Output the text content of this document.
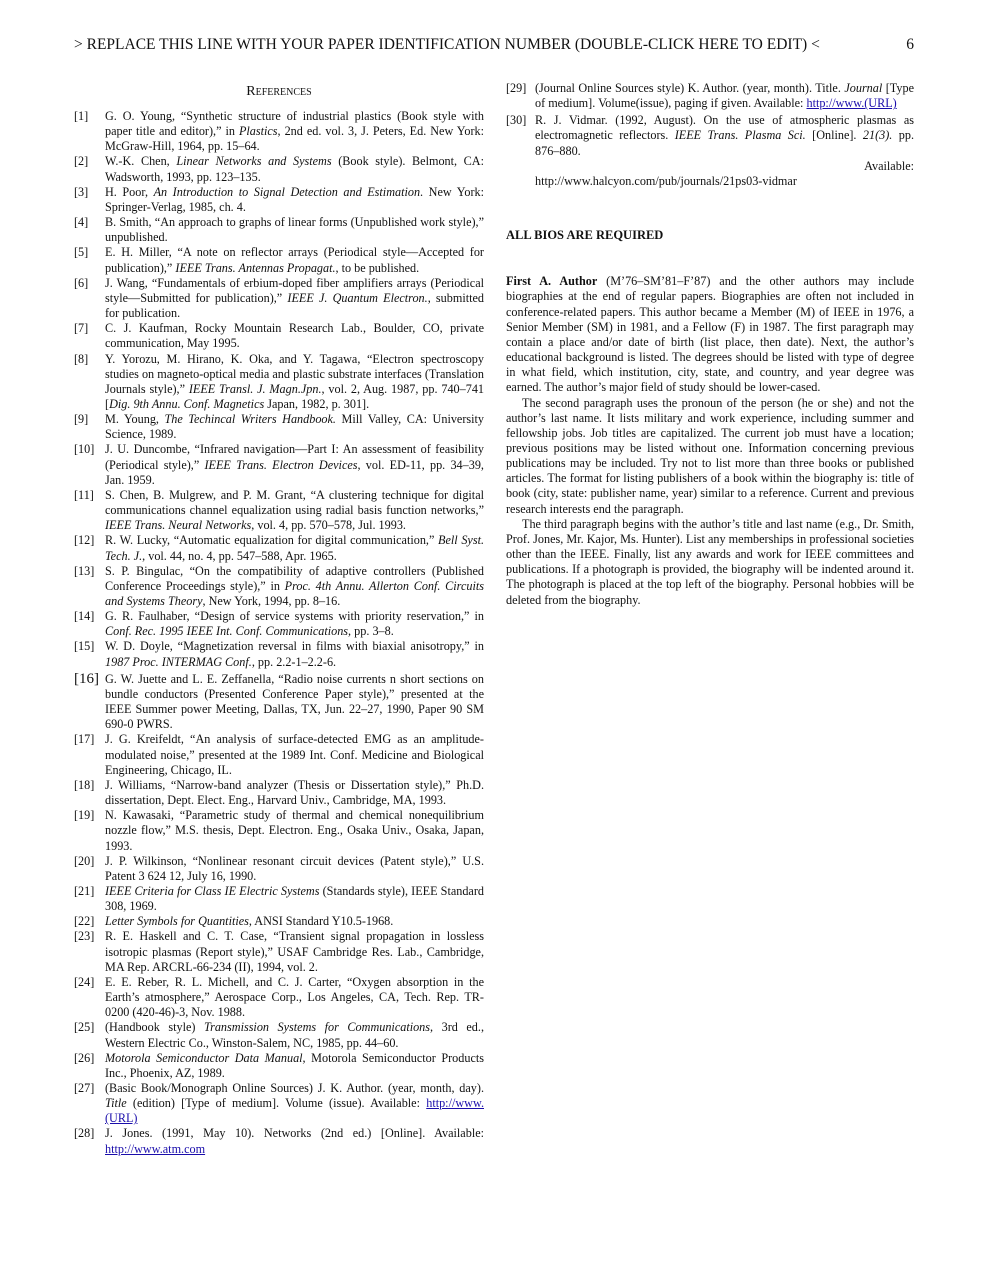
> REPLACE THIS LINE WITH YOUR PAPER IDENTIFICATION NUMBER (DOUBLE-CLICK HERE TO EDIT) <	6
References
[1] G. O. Young, “Synthetic structure of industrial plastics (Book style with paper title and editor),” in Plastics, 2nd ed. vol. 3, J. Peters, Ed. New York: McGraw-Hill, 1964, pp. 15–64.
[2] W.-K. Chen, Linear Networks and Systems (Book style). Belmont, CA: Wadsworth, 1993, pp. 123–135.
[3] H. Poor, An Introduction to Signal Detection and Estimation. New York: Springer-Verlag, 1985, ch. 4.
[4] B. Smith, “An approach to graphs of linear forms (Unpublished work style),” unpublished.
[5] E. H. Miller, “A note on reflector arrays (Periodical style—Accepted for publication),” IEEE Trans. Antennas Propagat., to be published.
[6] J. Wang, “Fundamentals of erbium-doped fiber amplifiers arrays (Periodical style—Submitted for publication),” IEEE J. Quantum Electron., submitted for publication.
[7] C. J. Kaufman, Rocky Mountain Research Lab., Boulder, CO, private communication, May 1995.
[8] Y. Yorozu, M. Hirano, K. Oka, and Y. Tagawa, “Electron spectroscopy studies on magneto-optical media and plastic substrate interfaces (Translation Journals style),” IEEE Transl. J. Magn.Jpn., vol. 2, Aug. 1987, pp. 740–741 [Dig. 9th Annu. Conf. Magnetics Japan, 1982, p. 301].
[9] M. Young, The Techincal Writers Handbook. Mill Valley, CA: University Science, 1989.
[10] J. U. Duncombe, “Infrared navigation—Part I: An assessment of feasibility (Periodical style),” IEEE Trans. Electron Devices, vol. ED-11, pp. 34–39, Jan. 1959.
[11] S. Chen, B. Mulgrew, and P. M. Grant, “A clustering technique for digital communications channel equalization using radial basis function networks,” IEEE Trans. Neural Networks, vol. 4, pp. 570–578, Jul. 1993.
[12] R. W. Lucky, “Automatic equalization for digital communication,” Bell Syst. Tech. J., vol. 44, no. 4, pp. 547–588, Apr. 1965.
[13] S. P. Bingulac, “On the compatibility of adaptive controllers (Published Conference Proceedings style),” in Proc. 4th Annu. Allerton Conf. Circuits and Systems Theory, New York, 1994, pp. 8–16.
[14] G. R. Faulhaber, “Design of service systems with priority reservation,” in Conf. Rec. 1995 IEEE Int. Conf. Communications, pp. 3–8.
[15] W. D. Doyle, “Magnetization reversal in films with biaxial anisotropy,” in 1987 Proc. INTERMAG Conf., pp. 2.2-1–2.2-6.
[16] G. W. Juette and L. E. Zeffanella, “Radio noise currents n short sections on bundle conductors (Presented Conference Paper style),” presented at the IEEE Summer power Meeting, Dallas, TX, Jun. 22–27, 1990, Paper 90 SM 690-0 PWRS.
[17] J. G. Kreifeldt, “An analysis of surface-detected EMG as an amplitude-modulated noise,” presented at the 1989 Int. Conf. Medicine and Biological Engineering, Chicago, IL.
[18] J. Williams, “Narrow-band analyzer (Thesis or Dissertation style),” Ph.D. dissertation, Dept. Elect. Eng., Harvard Univ., Cambridge, MA, 1993.
[19] N. Kawasaki, “Parametric study of thermal and chemical nonequilibrium nozzle flow,” M.S. thesis, Dept. Electron. Eng., Osaka Univ., Osaka, Japan, 1993.
[20] J. P. Wilkinson, “Nonlinear resonant circuit devices (Patent style),” U.S. Patent 3 624 12, July 16, 1990.
[21] IEEE Criteria for Class IE Electric Systems (Standards style), IEEE Standard 308, 1969.
[22] Letter Symbols for Quantities, ANSI Standard Y10.5-1968.
[23] R. E. Haskell and C. T. Case, “Transient signal propagation in lossless isotropic plasmas (Report style),” USAF Cambridge Res. Lab., Cambridge, MA Rep. ARCRL-66-234 (II), 1994, vol. 2.
[24] E. E. Reber, R. L. Michell, and C. J. Carter, “Oxygen absorption in the Earth’s atmosphere,” Aerospace Corp., Los Angeles, CA, Tech. Rep. TR-0200 (420-46)-3, Nov. 1988.
[25] (Handbook style) Transmission Systems for Communications, 3rd ed., Western Electric Co., Winston-Salem, NC, 1985, pp. 44–60.
[26] Motorola Semiconductor Data Manual, Motorola Semiconductor Products Inc., Phoenix, AZ, 1989.
[27] (Basic Book/Monograph Online Sources) J. K. Author. (year, month, day). Title (edition) [Type of medium]. Volume (issue). Available: http://www.(URL)
[28] J. Jones. (1991, May 10). Networks (2nd ed.) [Online]. Available: http://www.atm.com
[29] (Journal Online Sources style) K. Author. (year, month). Title. Journal [Type of medium]. Volume(issue), paging if given. Available: http://www.(URL)
[30] R. J. Vidmar. (1992, August). On the use of atmospheric plasmas as electromagnetic reflectors. IEEE Trans. Plasma Sci. [Online]. 21(3). pp. 876–880.
Available:
http://www.halcyon.com/pub/journals/21ps03-vidmar
ALL BIOS ARE REQUIRED

First A. Author (M’76–SM’81–F’87) and the other authors may include biographies at the end of regular papers. Biographies are often not included in conference-related papers. This author became a Member (M) of IEEE in 1976, a Senior Member (SM) in 1981, and a Fellow (F) in 1987. The first paragraph may contain a place and/or date of birth (list place, then date). Next, the author’s educational background is listed. The degrees should be listed with type of degree in what field, which institution, city, state, and country, and year degree was earned. The author’s major field of study should be lower-cased.

The second paragraph uses the pronoun of the person (he or she) and not the author’s last name. It lists military and work experience, including summer and fellowship jobs. Job titles are capitalized. The current job must have a location; previous positions may be listed without one. Information concerning previous publications may be included. Try not to list more than three books or published articles. The format for listing publishers of a book within the biography is: title of book (city, state: publisher name, year) similar to a reference. Current and previous research interests end the paragraph.

The third paragraph begins with the author’s title and last name (e.g., Dr. Smith, Prof. Jones, Mr. Kajor, Ms. Hunter). List any memberships in professional societies other than the IEEE. Finally, list any awards and work for IEEE committees and publications. If a photograph is provided, the biography will be indented around it. The photograph is placed at the top left of the biography. Personal hobbies will be deleted from the biography.
